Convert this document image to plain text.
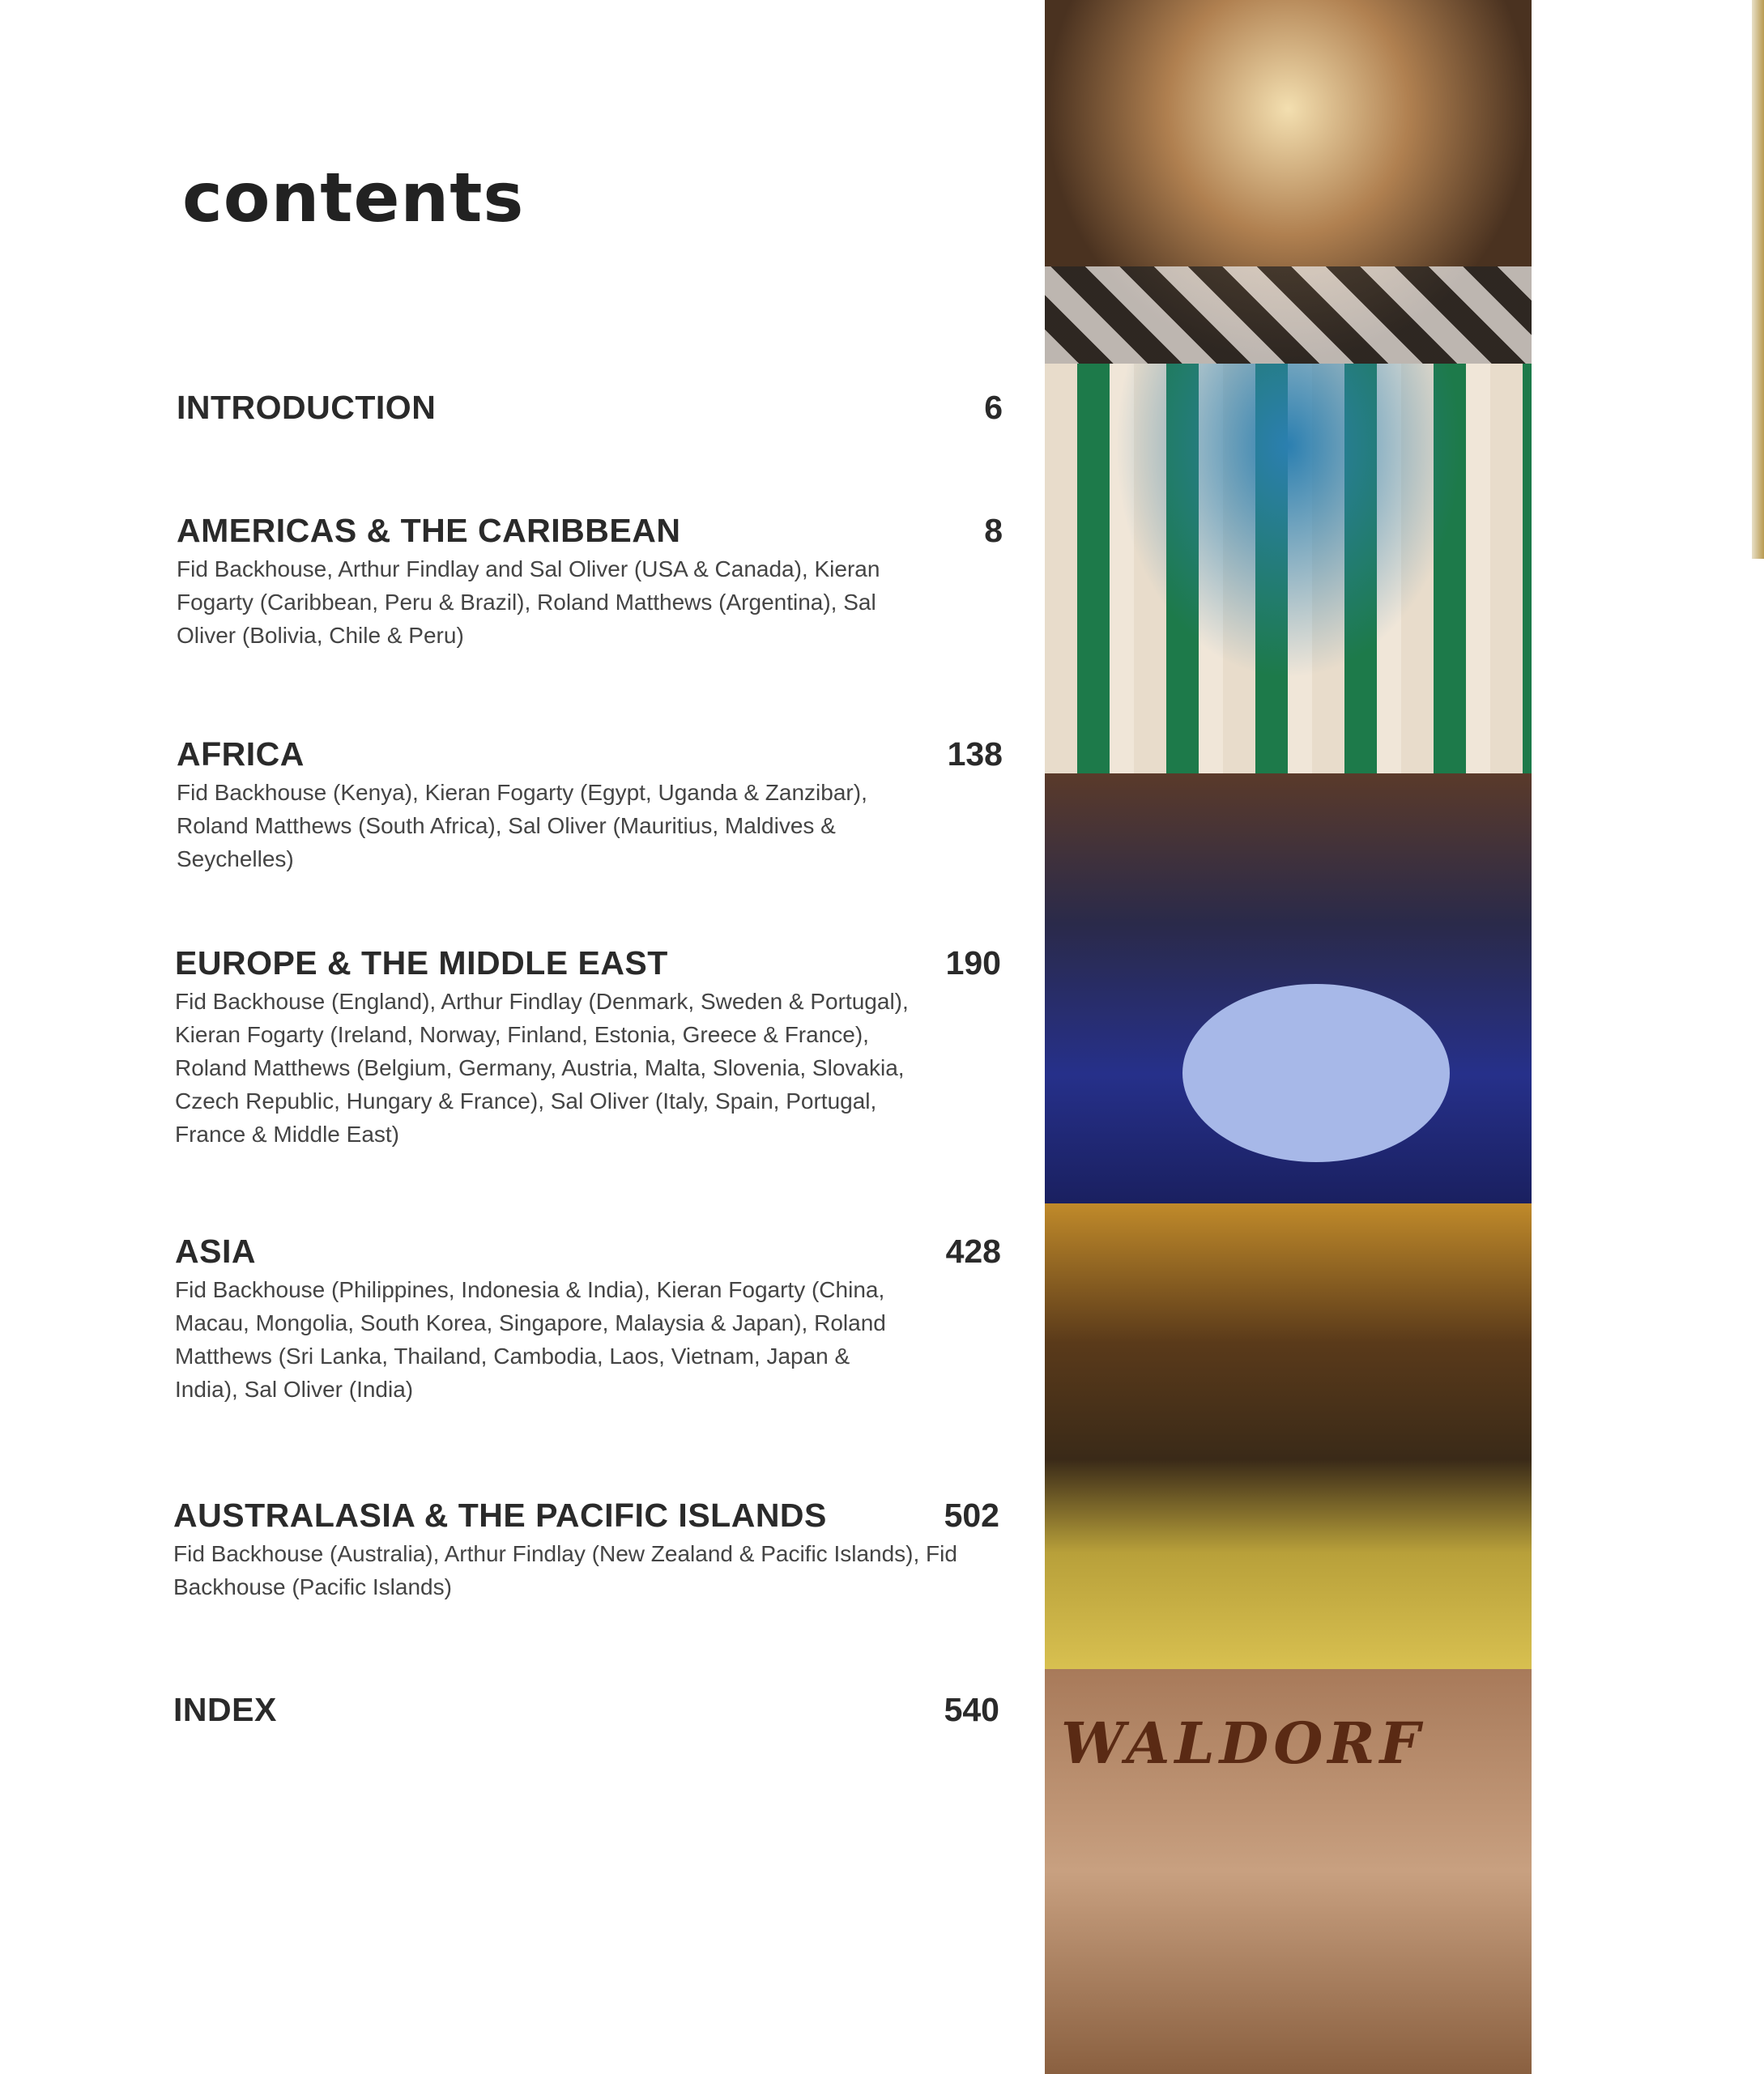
contents
INTRODUCTION	6
AMERICAS & THE CARIBBEAN	8
Fid Backhouse, Arthur Findlay and Sal Oliver (USA & Canada), Kieran Fogarty (Caribbean, Peru & Brazil), Roland Matthews (Argentina), Sal Oliver (Bolivia, Chile & Peru)
AFRICA	138
Fid Backhouse (Kenya), Kieran Fogarty (Egypt, Uganda & Zanzibar), Roland Matthews (South Africa), Sal Oliver (Mauritius, Maldives & Seychelles)
EUROPE & THE MIDDLE EAST	190
Fid Backhouse (England), Arthur Findlay (Denmark, Sweden & Portugal), Kieran Fogarty (Ireland, Norway, Finland, Estonia, Greece & France), Roland Matthews (Belgium, Germany, Austria, Malta, Slovenia, Slovakia, Czech Republic, Hungary & France), Sal Oliver (Italy, Spain, Portugal, France & Middle East)
ASIA	428
Fid Backhouse (Philippines, Indonesia & India), Kieran Fogarty (China, Macau, Mongolia, South Korea, Singapore, Malaysia & Japan), Roland Matthews (Sri Lanka, Thailand, Cambodia, Laos, Vietnam, Japan & India), Sal Oliver (India)
AUSTRALASIA & THE PACIFIC ISLANDS	502
Fid Backhouse (Australia), Arthur Findlay (New Zealand & Pacific Islands), Fid Backhouse (Pacific Islands)
INDEX	540 WALDORF
